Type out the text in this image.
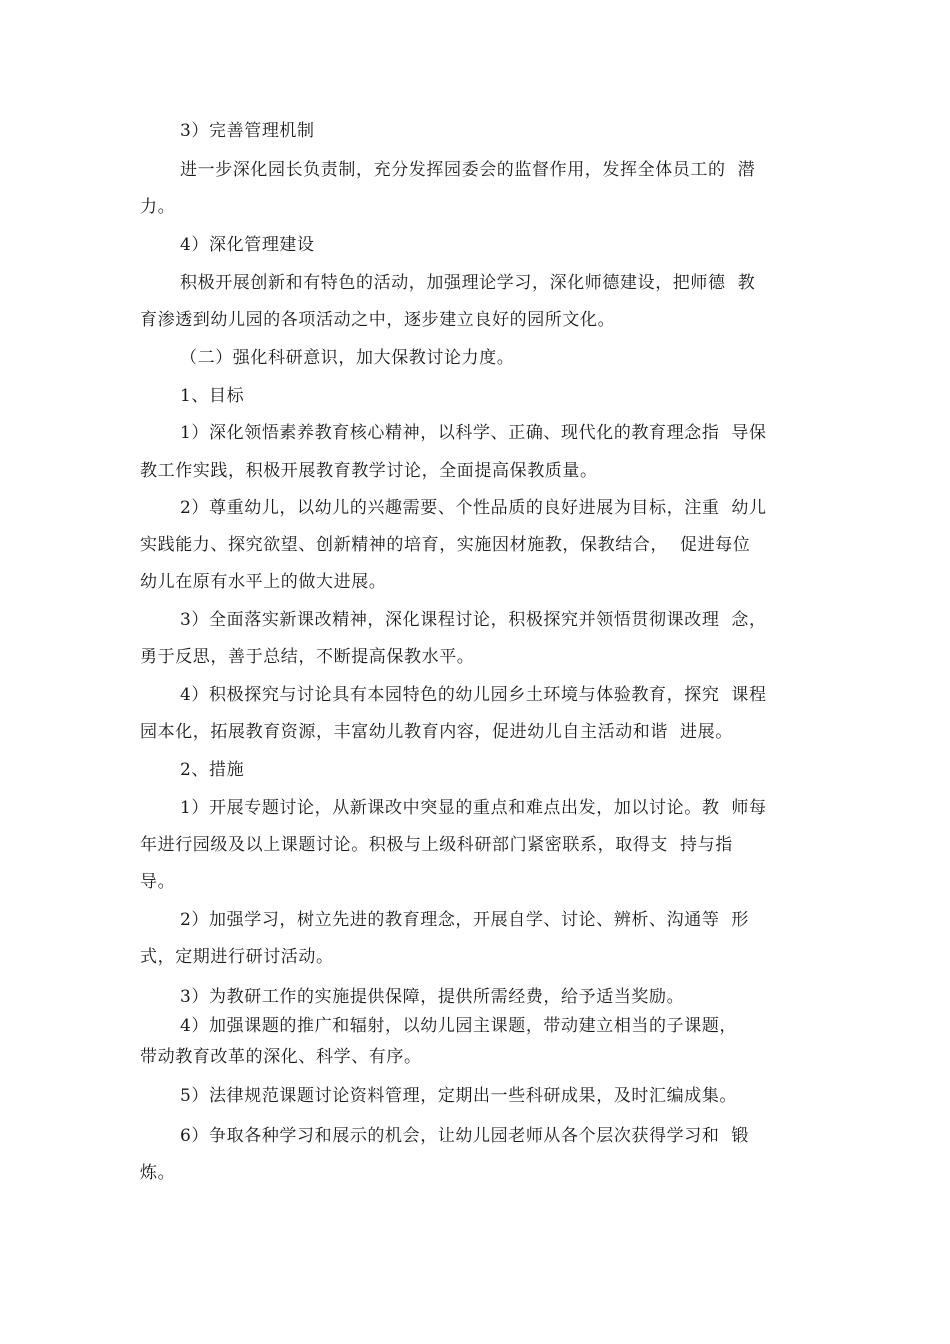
3）完善管理机制
进一步深化园长负责制，充分发挥园委会的监督作用，发挥全体员工的  潜
力。
4）深化管理建设
积极开展创新和有特色的活动，加强理论学习，深化师德建设，把师德  教
育渗透到幼儿园的各项活动之中，逐步建立良好的园所文化。
（二）强化科研意识，加大保教讨论力度。
1、目标
1）深化领悟素养教育核心精神，以科学、正确、现代化的教育理念指  导保
教工作实践，积极开展教育教学讨论，全面提高保教质量。
2）尊重幼儿，以幼儿的兴趣需要、个性品质的良好进展为目标，注重  幼儿
实践能力、探究欲望、创新精神的培育，实施因材施教，保教结合，  促进每位
幼儿在原有水平上的做大进展。
3）全面落实新课改精神，深化课程讨论，积极探究并领悟贯彻课改理  念，
勇于反思，善于总结，不断提高保教水平。
4）积极探究与讨论具有本园特色的幼儿园乡土环境与体验教育，探究  课程
园本化，拓展教育资源，丰富幼儿教育内容，促进幼儿自主活动和谐  进展。
2、措施
1）开展专题讨论，从新课改中突显的重点和难点出发，加以讨论。教  师每
年进行园级及以上课题讨论。积极与上级科研部门紧密联系，取得支  持与指
导。
2）加强学习，树立先进的教育理念，开展自学、讨论、辨析、沟通等  形
式，定期进行研讨活动。
3）为教研工作的实施提供保障，提供所需经费，给予适当奖励。
4）加强课题的推广和辐射，以幼儿园主课题，带动建立相当的子课题，
带动教育改革的深化、科学、有序。
5）法律规范课题讨论资料管理，定期出一些科研成果，及时汇编成集。
6）争取各种学习和展示的机会，让幼儿园老师从各个层次获得学习和  锻
炼。
